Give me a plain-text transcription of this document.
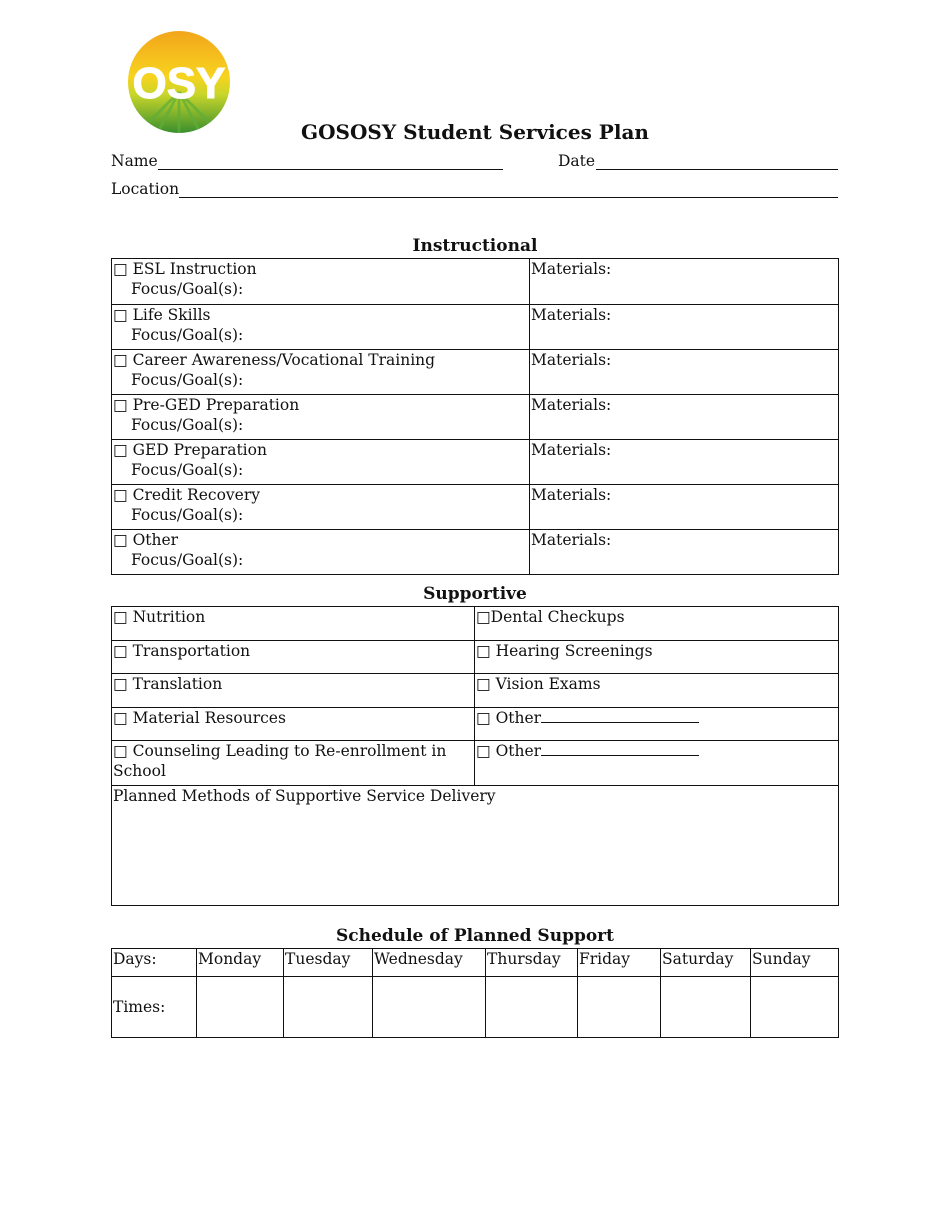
OSY
GOSOSY Student Services Plan
Name	Date
Location
Instructional
□ ESL Instruction
Focus/Goal(s):	Materials:
□ Life Skills
Focus/Goal(s):	Materials:
□ Career Awareness/Vocational Training
Focus/Goal(s):	Materials:
□ Pre-GED Preparation
Focus/Goal(s):	Materials:
□ GED Preparation
Focus/Goal(s):	Materials:
□ Credit Recovery
Focus/Goal(s):	Materials:
□ Other
Focus/Goal(s):	Materials:
Supportive
□ Nutrition	□Dental Checkups
□ Transportation	□ Hearing Screenings
□ Translation	□ Vision Exams
□ Material Resources	□ Other
□ Counseling Leading to Re-enrollment in School	□ Other
Planned Methods of Supportive Service Delivery	
Schedule of Planned Support
Days:	Monday	Tuesday	Wednesday	Thursday	Friday	Saturday	Sunday
Times:							
